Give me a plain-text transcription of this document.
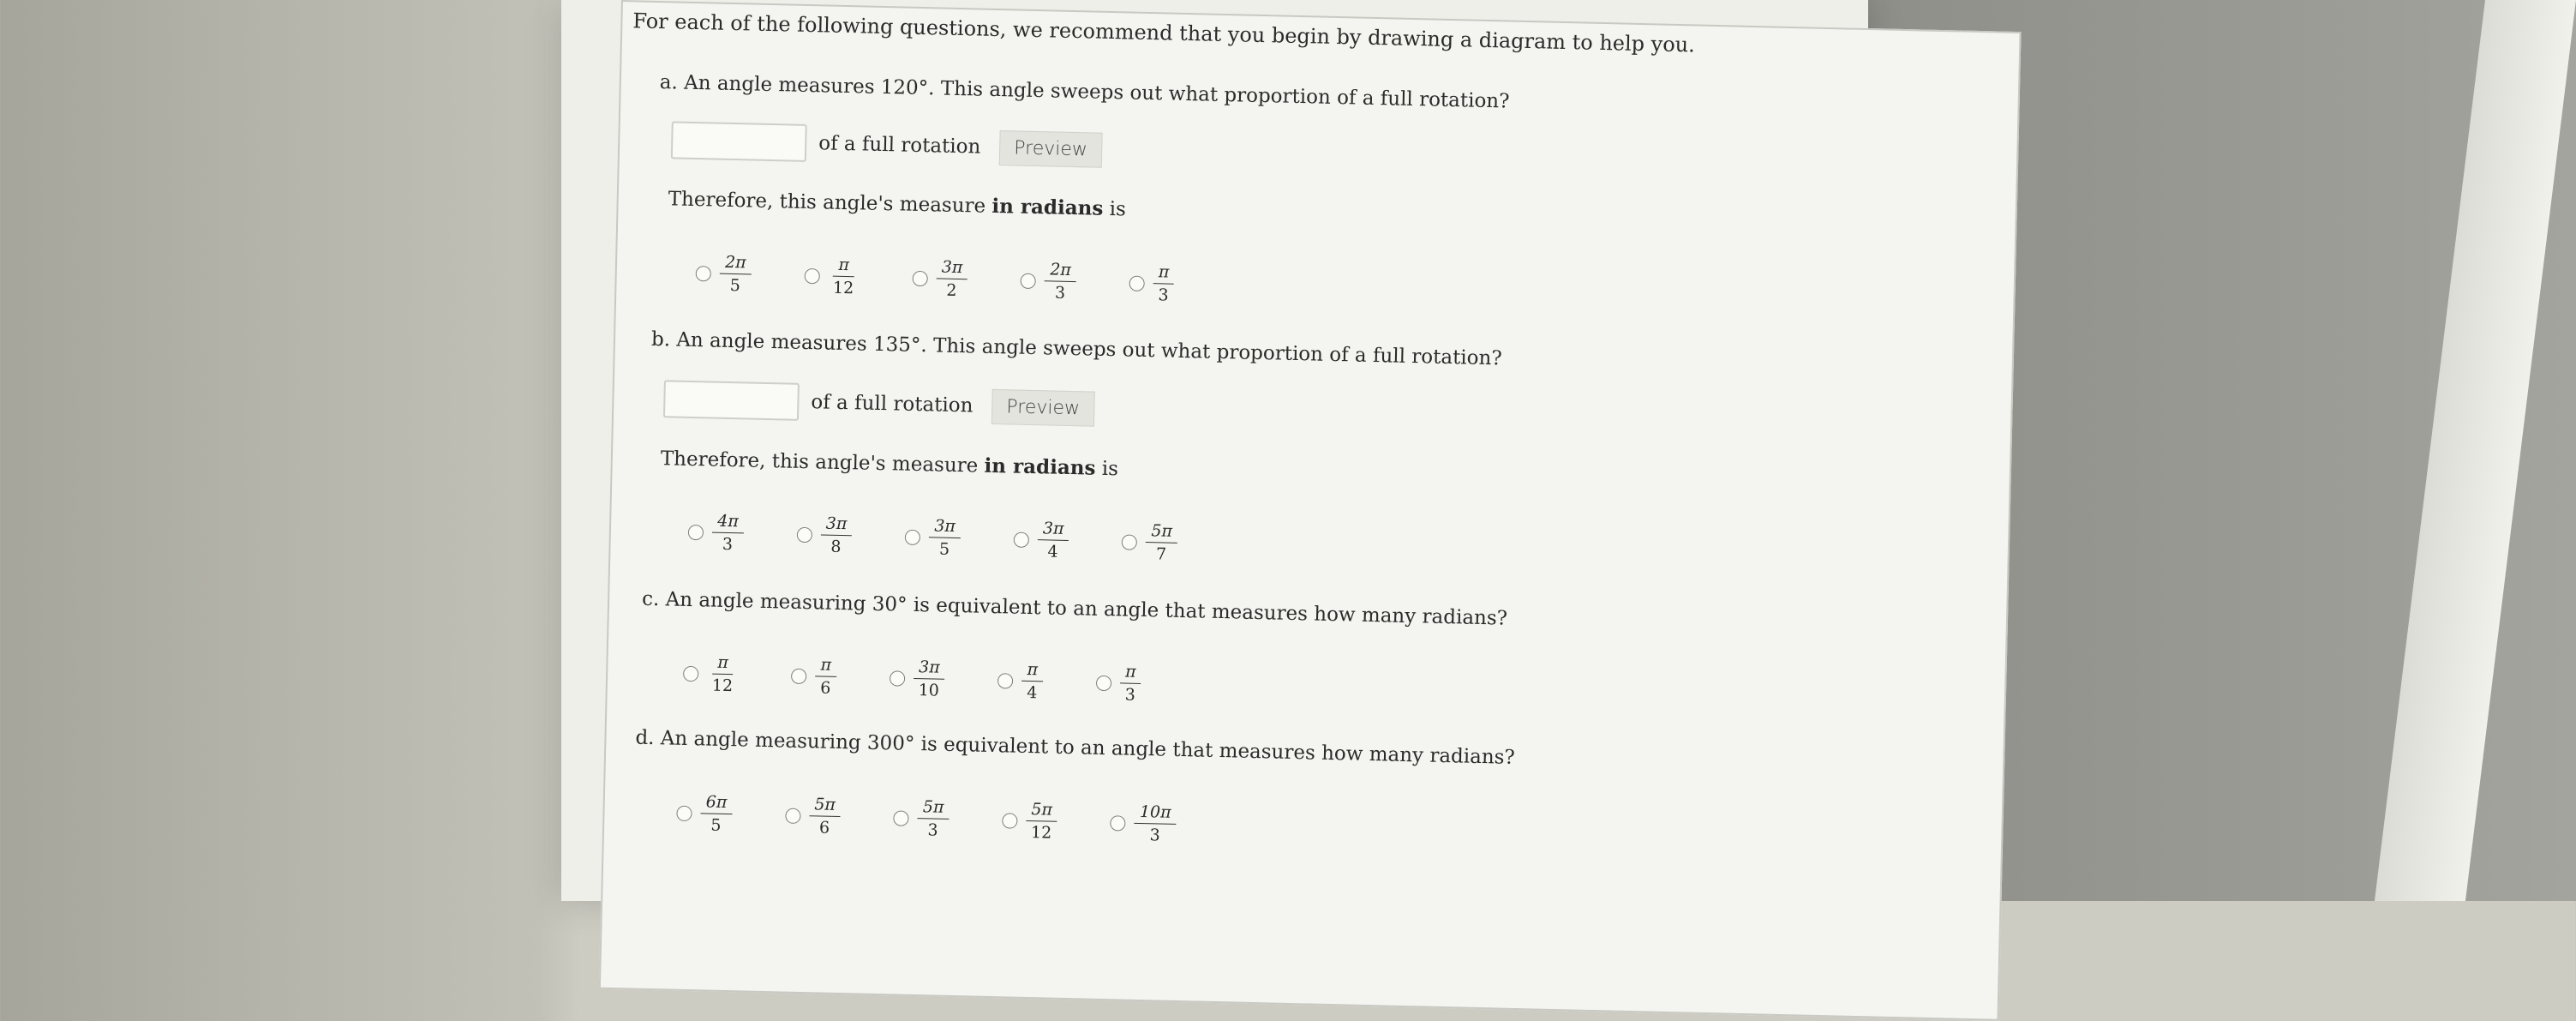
For each of the following questions, we recommend that you begin by drawing a diagram to help you.
a. An angle measures 120°. This angle sweeps out what proportion of a full rotation?
of a full rotation	Preview
Therefore, this angle's measure in radians is
$\frac{2\pi}{5}$	$\frac{\pi}{12}$	$\frac{3\pi}{2}$	$\frac{2\pi}{3}$	$\frac{\pi}{3}$
b. An angle measures 135°. This angle sweeps out what proportion of a full rotation?
of a full rotation	Preview
Therefore, this angle's measure in radians is
$\frac{4\pi}{3}$	$\frac{3\pi}{8}$	$\frac{3\pi}{5}$	$\frac{3\pi}{4}$	$\frac{5\pi}{7}$
c. An angle measuring 30° is equivalent to an angle that measures how many radians?
$\frac{\pi}{12}$	$\frac{\pi}{6}$	$\frac{3\pi}{10}$	$\frac{\pi}{4}$	$\frac{\pi}{3}$
d. An angle measuring 300° is equivalent to an angle that measures how many radians?
$\frac{6\pi}{5}$	$\frac{5\pi}{6}$	$\frac{5\pi}{3}$	$\frac{5\pi}{12}$	$\frac{10\pi}{3}$
